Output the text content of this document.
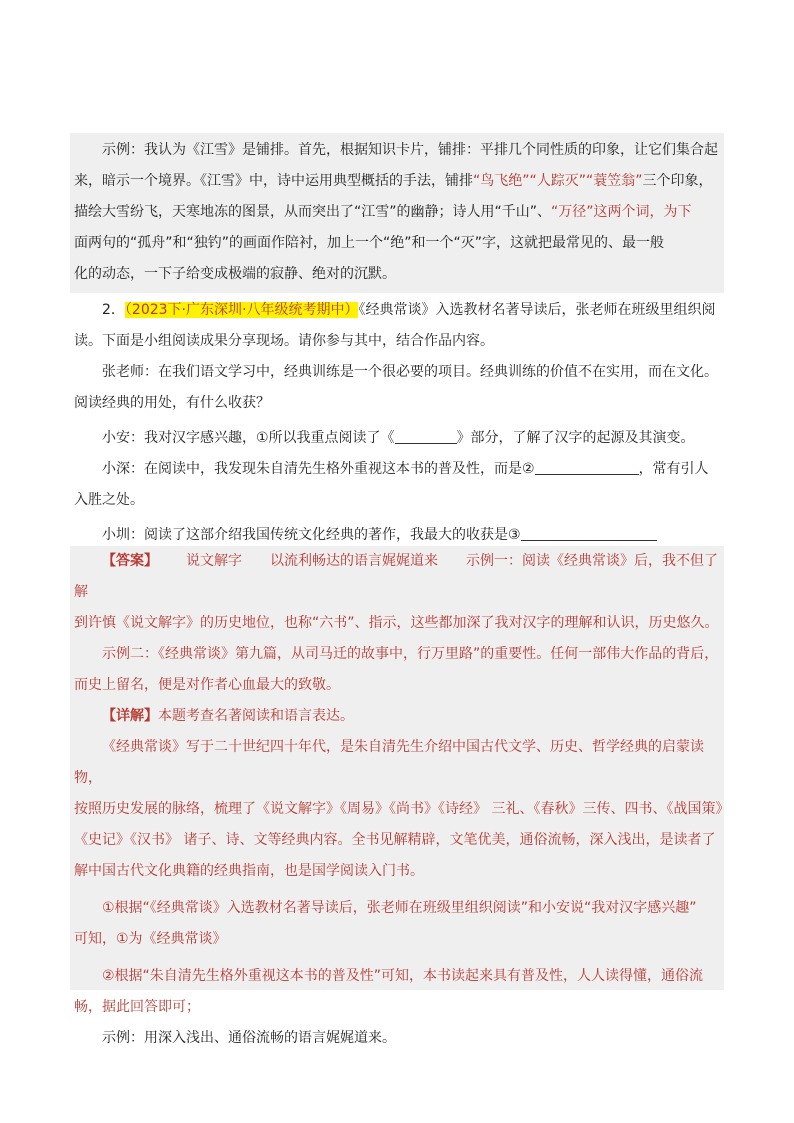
示例：我认为《江雪》是铺排。首先，根据知识卡片，铺排：平排几个同性质的印象，让它们集合起

来，暗示一个境界。《江雪》中，诗中运用典型概括的手法，铺排“鸟飞绝”“人踪灭”“蓑笠翁”三个印象，

描绘大雪纷飞，天寒地冻的图景，从而突出了“江雪”的幽静；诗人用“千山”、“万径”这两个词，为下

面两句的“孤舟”和“独钓”的画面作陪衬，加上一个“绝”和一个“灭”字，这就把最常见的、最一般

化的动态，一下子给变成极端的寂静、绝对的沉默。

2．（2023下·广东深圳·八年级统考期中）《经典常谈》入选教材名著导读后，张老师在班级里组织阅

读。下面是小组阅读成果分享现场。请你参与其中，结合作品内容。

张老师：在我们语文学习中，经典训练是一个很必要的项目。经典训练的价值不在实用，而在文化。

阅读经典的用处，有什么收获？

小安：我对汉字感兴趣，①所以我重点阅读了《	》部分，了解了汉字的起源及其演变。

小深：在阅读中，我发现朱自清先生格外重视这本书的普及性，而是②	，常有引人

入胜之处。

小圳：阅读了这部介绍我国传统文化经典的著作，我最大的收获是③

【答案】 说文解字 以流利畅达的语言娓娓道来 示例一：阅读《经典常谈》后，我不但了解

到许慎《说文解字》的历史地位，也称“六书”、指示，这些都加深了我对汉字的理解和认识，历史悠久。

示例二：《经典常谈》第九篇，从司马迁的故事中，行万里路”的重要性。任何一部伟大作品的背后，

而史上留名，便是对作者心血最大的致敬。

【详解】本题考查名著阅读和语言表达。

《经典常谈》写于二十世纪四十年代，是朱自清先生介绍中国古代文学、历史、哲学经典的启蒙读物，

按照历史发展的脉络，梳理了《说文解字》《周易》《尚书》《诗经》 三礼、《春秋》三传、四书、《战国策》

《史记》《汉书》 诸子、诗、文等经典内容。全书见解精辟，文笔优美，通俗流畅，深入浅出，是读者了

解中国古代文化典籍的经典指南，也是国学阅读入门书。

①根据“《经典常谈》入选教材名著导读后，张老师在班级里组织阅读”和小安说“我对汉字感兴趣”

可知，①为《经典常谈》

②根据“朱自清先生格外重视这本书的普及性”可知，本书读起来具有普及性，人人读得懂，通俗流

畅，据此回答即可；

示例：用深入浅出、通俗流畅的语言娓娓道来。
